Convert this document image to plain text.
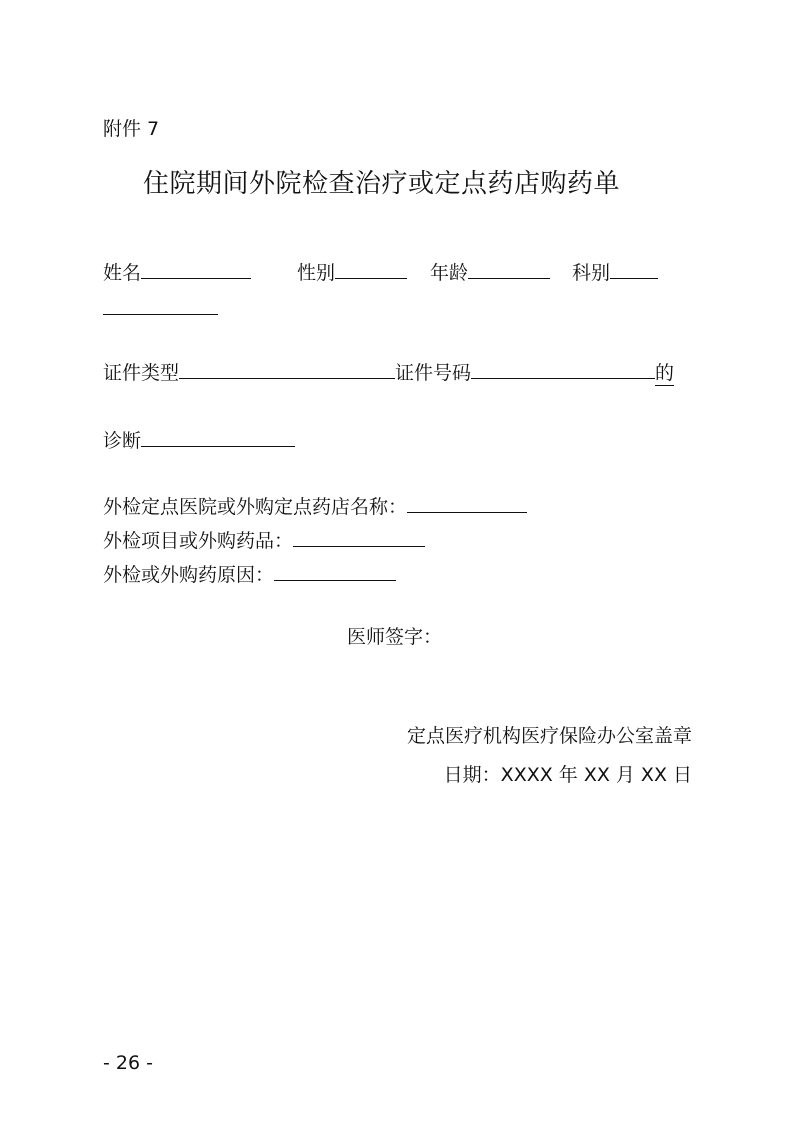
附件 7
住院期间外院检查治疗或定点药店购药单
姓名	性别	年龄	科别
证件类型	证件号码	的
诊断
外检定点医院或外购定点药店名称：
外检项目或外购药品：
外检或外购药原因：
医师签字：
定点医疗机构医疗保险办公室盖章
日期：XXXX 年 XX 月 XX 日
- 26 -
